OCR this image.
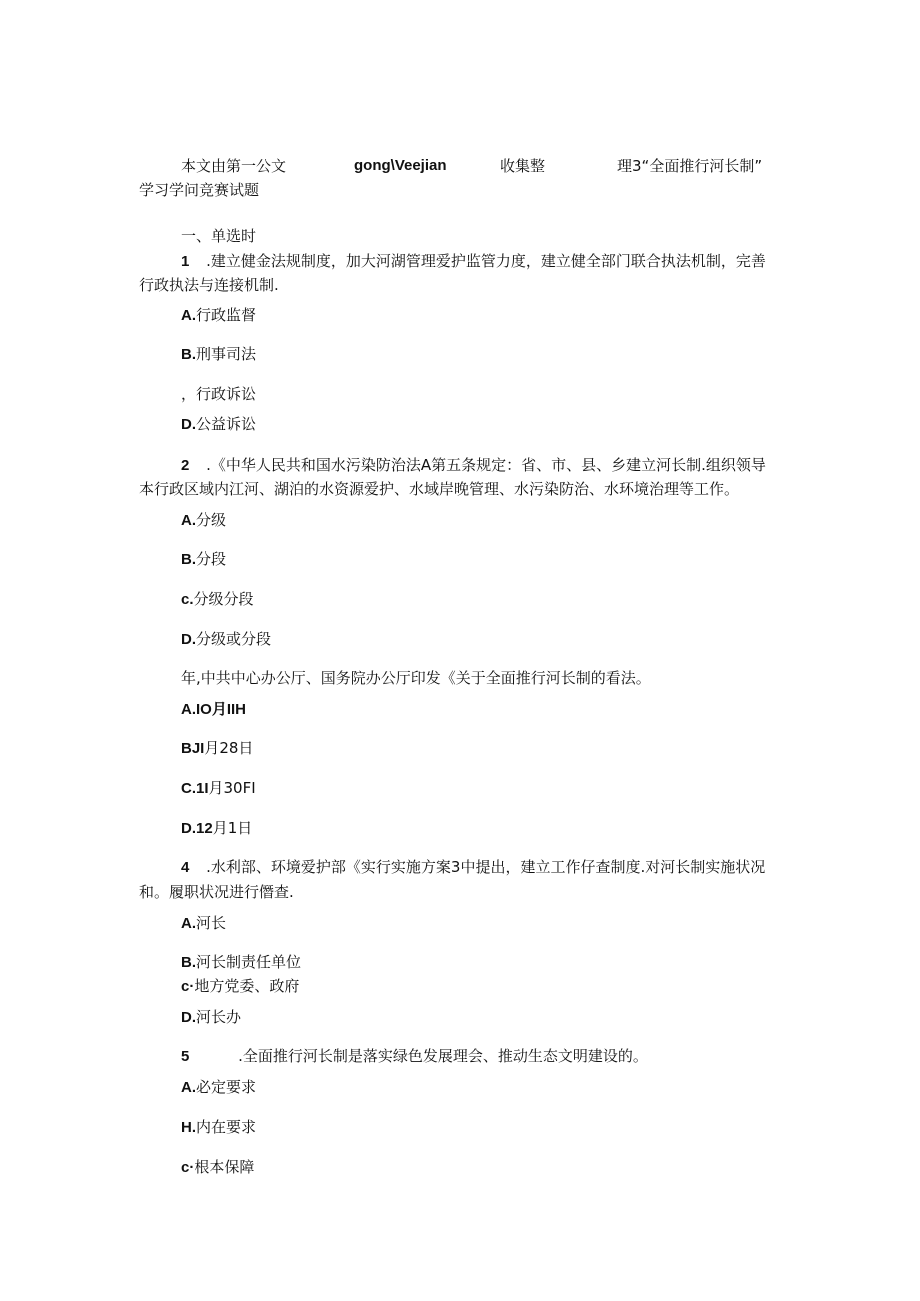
本文由第一公文	gong\Veejian	收集整	理3“全面推行河长制”
学习学问竞赛试题
一、单选时
1 .建立健金法规制度，加大河湖管理爱护监管力度，建立健全部门联合执法机制，完善
行政执法与连接机制.
A.行政监督
B.刑事司法
，行政诉讼
D.公益诉讼
2 .《中华人民共和国水污染防治法A第五条规定：省、市、县、乡建立河长制.组织领导
本行政区域内江河、湖泊的水资源爱护、水域岸晚管理、水污染防治、水环境治理等工作。
A.分级
B.分段
c.分级分段
D.分级或分段
年,中共中心办公厅、国务院办公厅印发《关于全面推行河长制的看法。
A.IO月IIH
BJI月28日
C.1I月30FI
D.12月1日
4 .水利部、环境爱护部《实行实施方案3中提出，建立工作仔查制度.对河长制实施状况
和。履职状况进行僭查.
A.河长
B.河长制责任单位
c·地方党委、政府
D.河长办
5	.全面推行河长制是落实绿色发展理会、推动生态文明建设的。
A.必定要求
H.内在要求
c·根本保障
